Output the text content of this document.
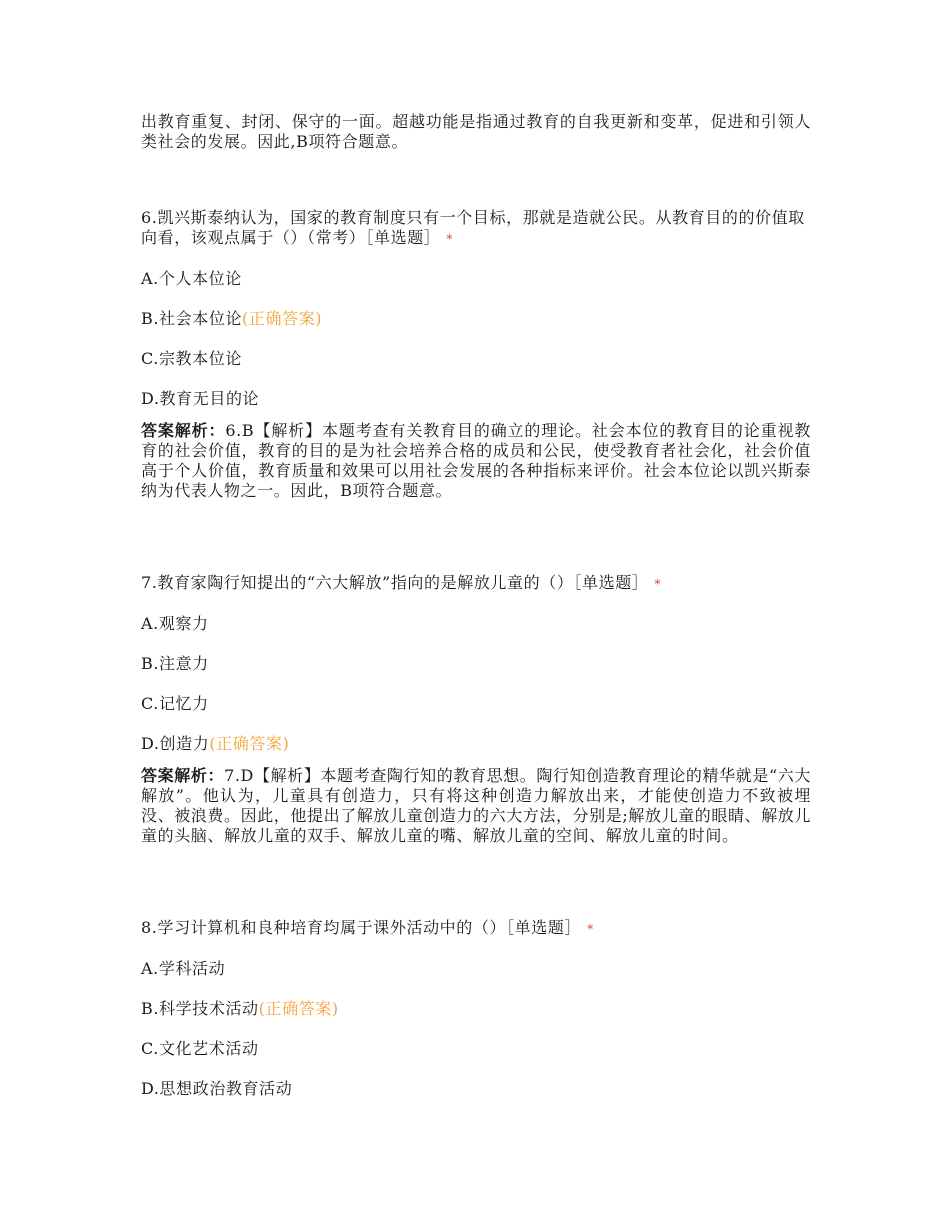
出教育重复、封闭、保守的一面。超越功能是指通过教育的自我更新和变革，促进和引领人类社会的发展。因此,B项符合题意。

6.凯兴斯泰纳认为，国家的教育制度只有一个目标，那就是造就公民。从教育目的的价值取向看，该观点属于（）（常考）［单选题］ *

A.个人本位论
B.社会本位论(正确答案)
C.宗教本位论
D.教育无目的论

答案解析：6.B【解析】本题考查有关教育目的确立的理论。社会本位的教育目的论重视教育的社会价值，教育的目的是为社会培养合格的成员和公民，使受教育者社会化，社会价值高于个人价值，教育质量和效果可以用社会发展的各种指标来评价。社会本位论以凯兴斯泰纳为代表人物之一。因此，B项符合题意。

7.教育家陶行知提出的“六大解放”指向的是解放儿童的（）［单选题］ *

A.观察力
B.注意力
C.记忆力
D.创造力(正确答案)

答案解析：7.D【解析】本题考查陶行知的教育思想。陶行知创造教育理论的精华就是“六大解放”。他认为，儿童具有创造力，只有将这种创造力解放出来，才能使创造力不致被埋没、被浪费。因此，他提出了解放儿童创造力的六大方法，分别是;解放儿童的眼睛、解放儿童的头脑、解放儿童的双手、解放儿童的嘴、解放儿童的空间、解放儿童的时间。

8.学习计算机和良种培育均属于课外活动中的（）［单选题］ *

A.学科活动
B.科学技术活动(正确答案)
C.文化艺术活动
D.思想政治教育活动
